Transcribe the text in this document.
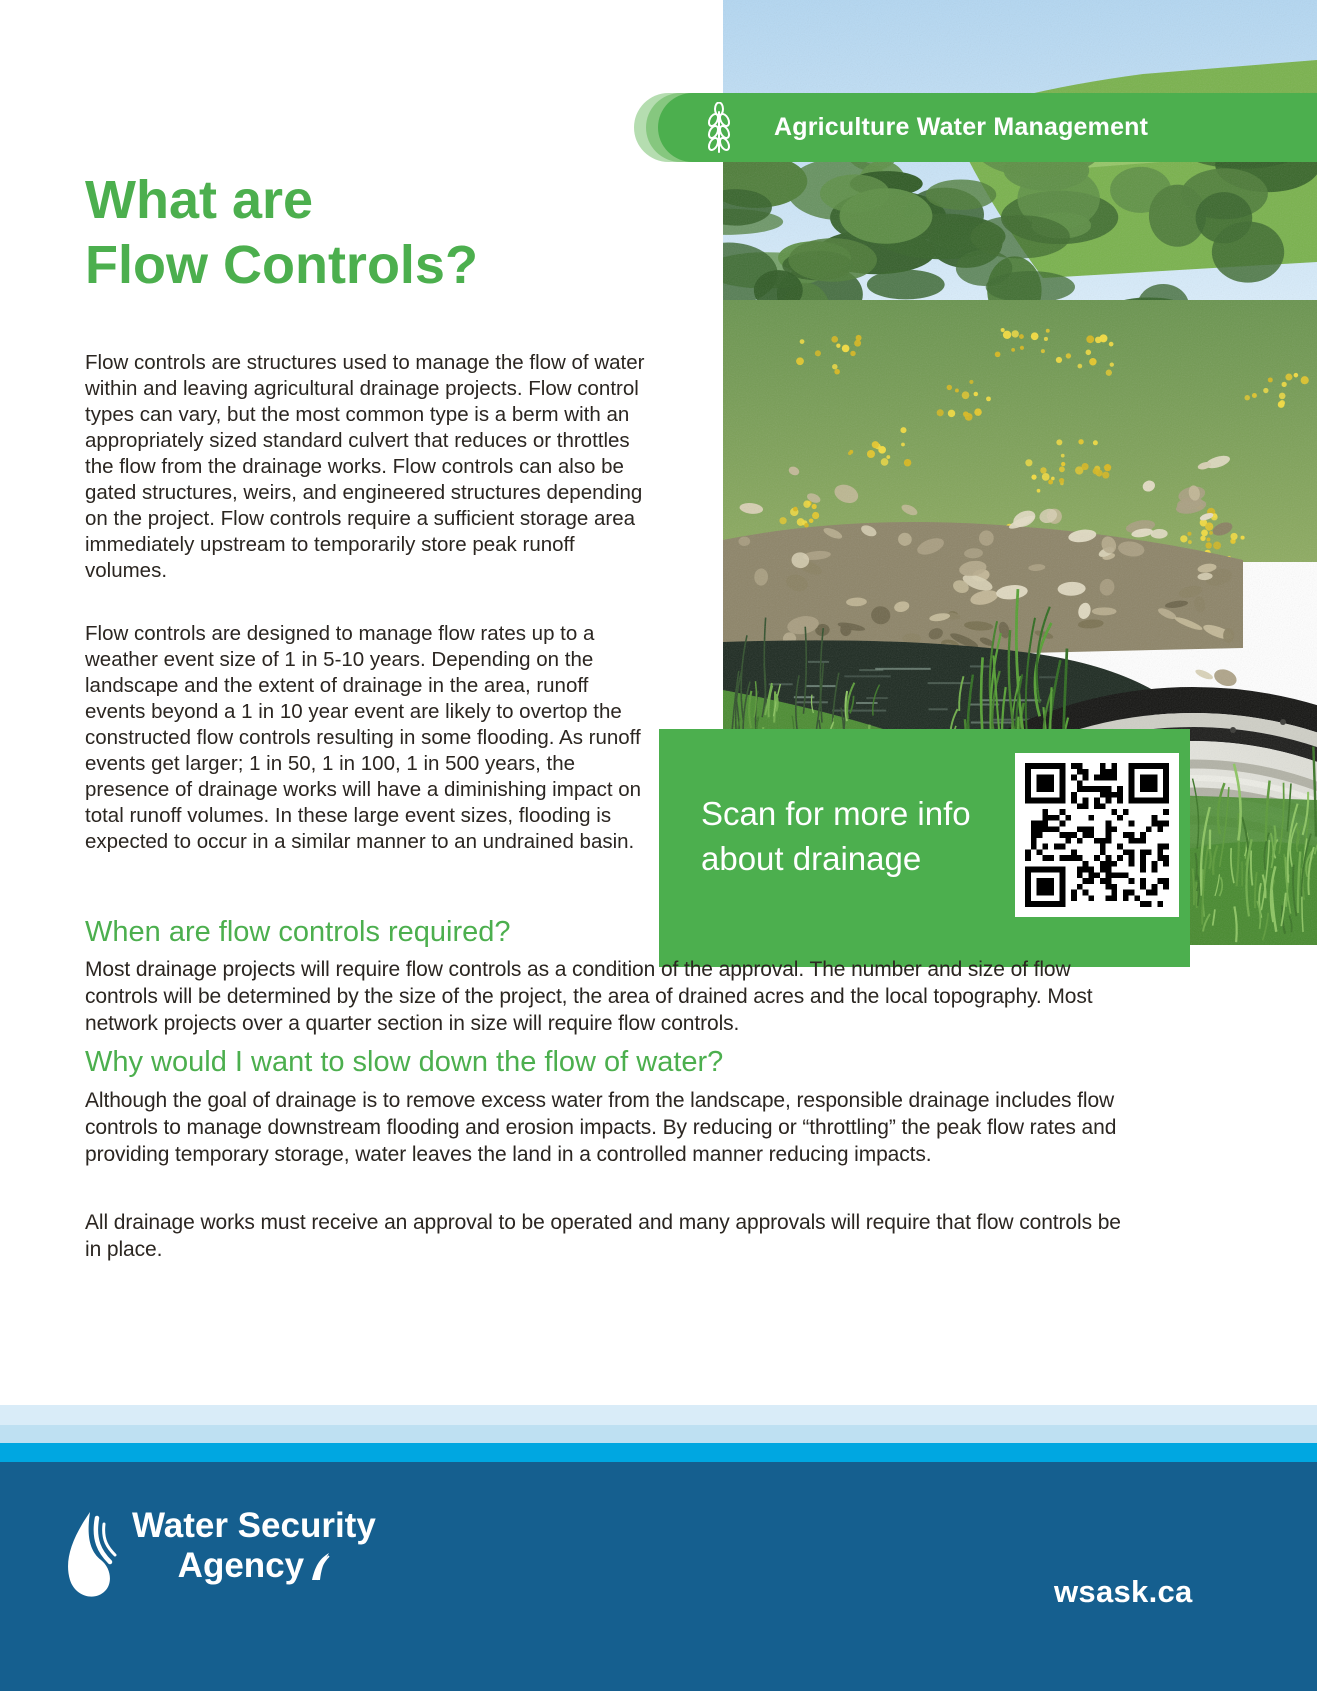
Agriculture Water Management
What are
Flow Controls?
Flow controls are structures used to manage the flow of water within and leaving agricultural drainage projects. Flow control types can vary, but the most common type is a berm with an appropriately sized standard culvert that reduces or throttles the flow from the drainage works. Flow controls can also be gated structures, weirs, and engineered structures depending on the project. Flow controls require a sufficient storage area immediately upstream to temporarily store peak runoff volumes.
Flow controls are designed to manage flow rates up to a weather event size of 1 in 5-10 years. Depending on the landscape and the extent of drainage in the area, runoff events beyond a 1 in 10 year event are likely to overtop the constructed flow controls resulting in some flooding. As runoff events get larger; 1 in 50, 1 in 100, 1 in 500 years, the presence of drainage works will have a diminishing impact on total runoff volumes. In these large event sizes, flooding is expected to occur in a similar manner to an undrained basin.
Scan for more info
about drainage
When are flow controls required?
Most drainage projects will require flow controls as a condition of the approval. The number and size of flow controls will be determined by the size of the project, the area of drained acres and the local topography. Most network projects over a quarter section in size will require flow controls.
Why would I want to slow down the flow of water?
Although the goal of drainage is to remove excess water from the landscape, responsible drainage includes flow controls to manage downstream flooding and erosion impacts. By reducing or “throttling” the peak flow rates and providing temporary storage, water leaves the land in a controlled manner reducing impacts.
All drainage works must receive an approval to be operated and many approvals will require that flow controls be in place.
Water Security
Agency
wsask.ca
